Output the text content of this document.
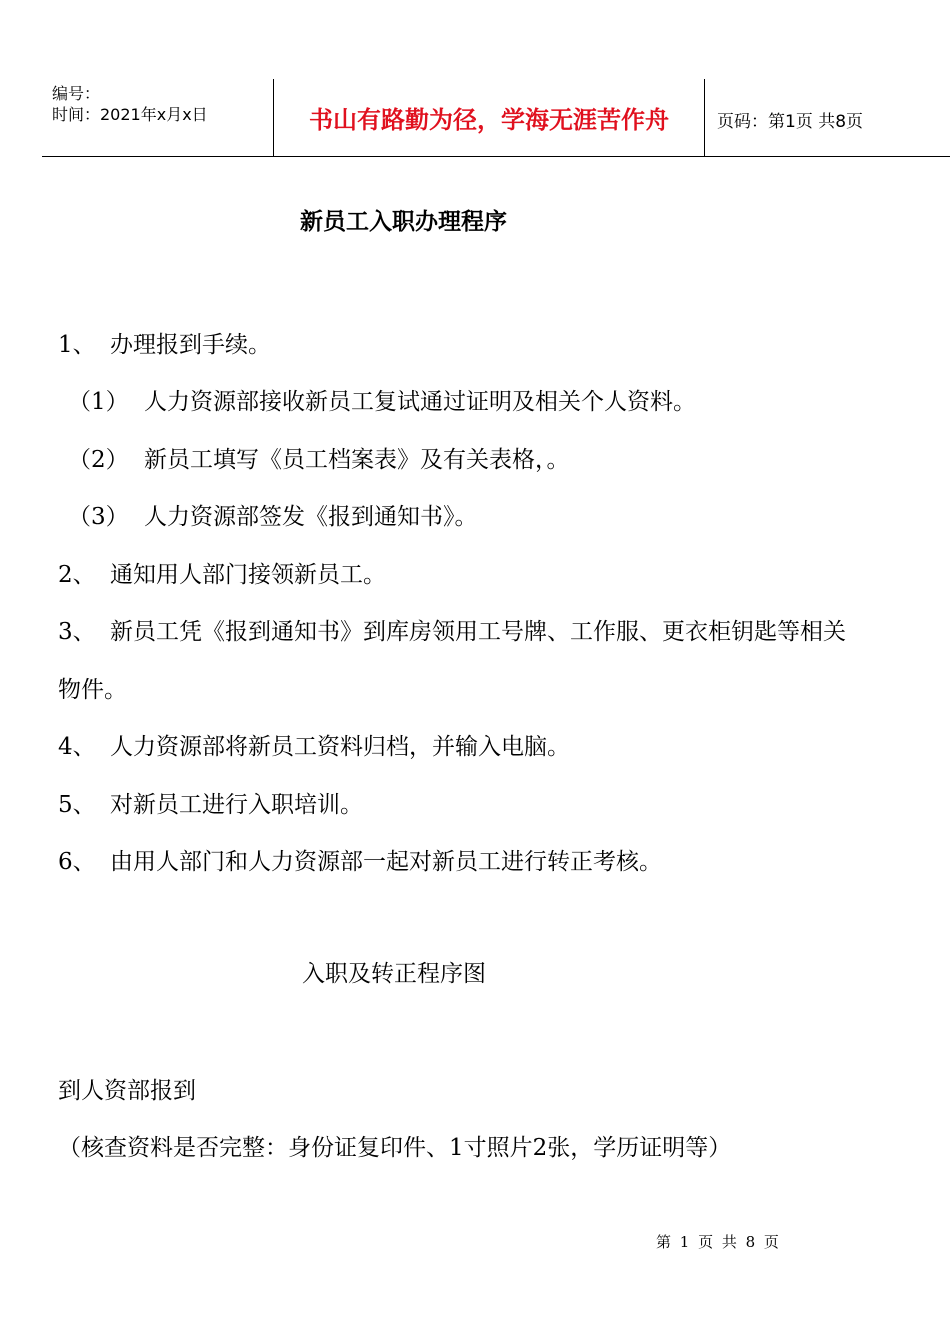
编号：
时间：2021年x月x日	书山有路勤为径，学海无涯苦作舟	页码：第1页 共8页
新员工入职办理程序
1、 办理报到手续。
（1） 人力资源部接收新员工复试通过证明及相关个人资料。
（2） 新员工填写《员工档案表》及有关表格，。
（3） 人力资源部签发《报到通知书》。
2、 通知用人部门接领新员工。
3、 新员工凭《报到通知书》到库房领用工号牌、工作服、更衣柜钥匙等相关
物件。
4、 人力资源部将新员工资料归档，并输入电脑。
5、 对新员工进行入职培训。
6、 由用人部门和人力资源部一起对新员工进行转正考核。
入职及转正程序图
到人资部报到
（核查资料是否完整：身份证复印件、1寸照片2张，学历证明等）
第 1 页 共 8 页
